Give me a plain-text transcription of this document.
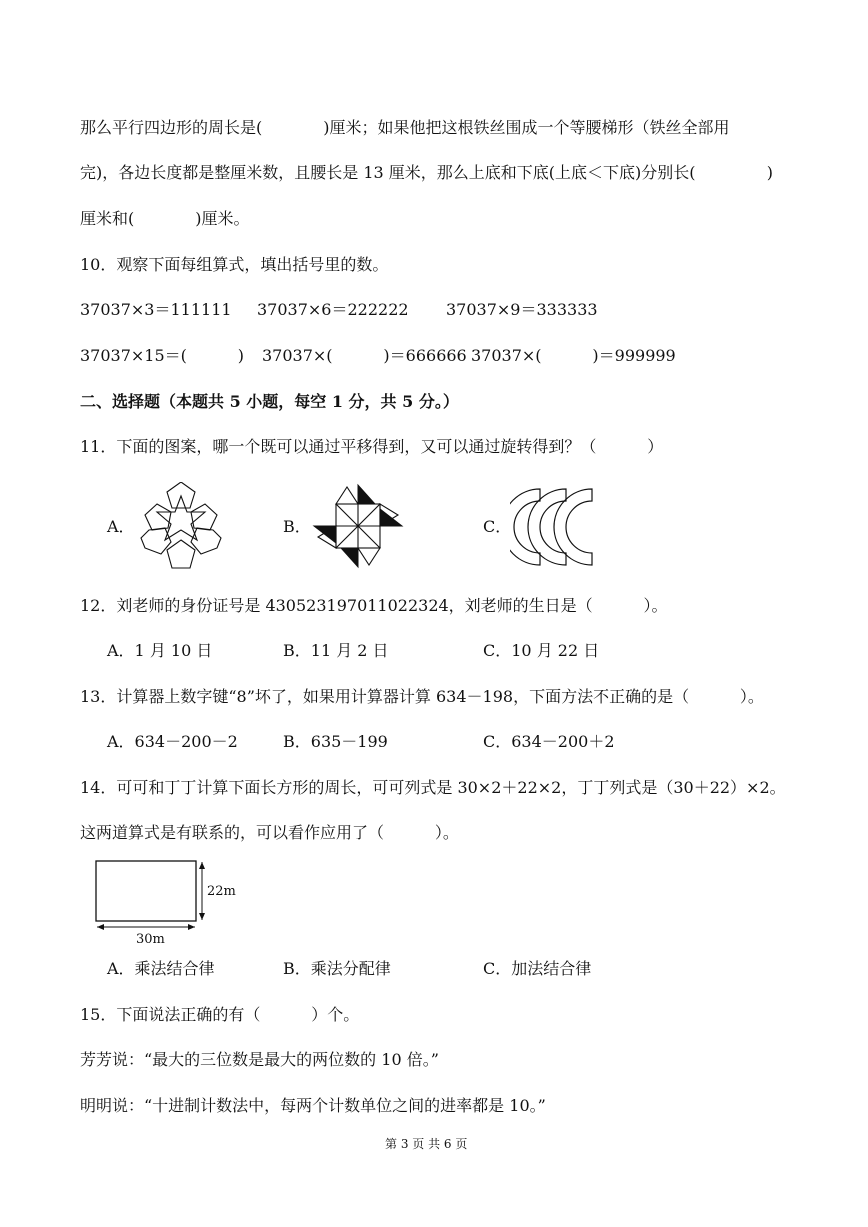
那么平行四边形的周长是(            )厘米；如果他把这根铁丝围成一个等腰梯形（铁丝全部用
完)，各边长度都是整厘米数，且腰长是 13 厘米，那么上底和下底(上底＜下底)分别长(              )
厘米和(            )厘米。
10．观察下面每组算式，填出括号里的数。
37037×3＝111111 37037×6＝222222 37037×9＝333333
37037×15＝(          ) 37037×(          )＝666666 37037×(          )＝999999
二、选择题（本题共 5 小题，每空 1 分，共 5 分。）
11．下面的图案，哪一个既可以通过平移得到，又可以通过旋转得到？（          ）
A．	B．	C．
12．刘老师的身份证号是 430523197011022324，刘老师的生日是（          ）。
A．1 月 10 日	B．11 月 2 日	C．10 月 22 日
13．计算器上数字键“8”坏了，如果用计算器计算 634－198，下面方法不正确的是（          ）。
A．634－200－2	B．635－199	C．634－200＋2
14．可可和丁丁计算下面长方形的周长，可可列式是 30×2＋22×2，丁丁列式是（30＋22）×2。
这两道算式是有联系的，可以看作应用了（          ）。
22m
30m
A．乘法结合律	B．乘法分配律	C．加法结合律
15．下面说法正确的有（          ）个。
芳芳说：“最大的三位数是最大的两位数的 10 倍。”
明明说：“十进制计数法中，每两个计数单位之间的进率都是 10。”
第 3 页 共 6 页
